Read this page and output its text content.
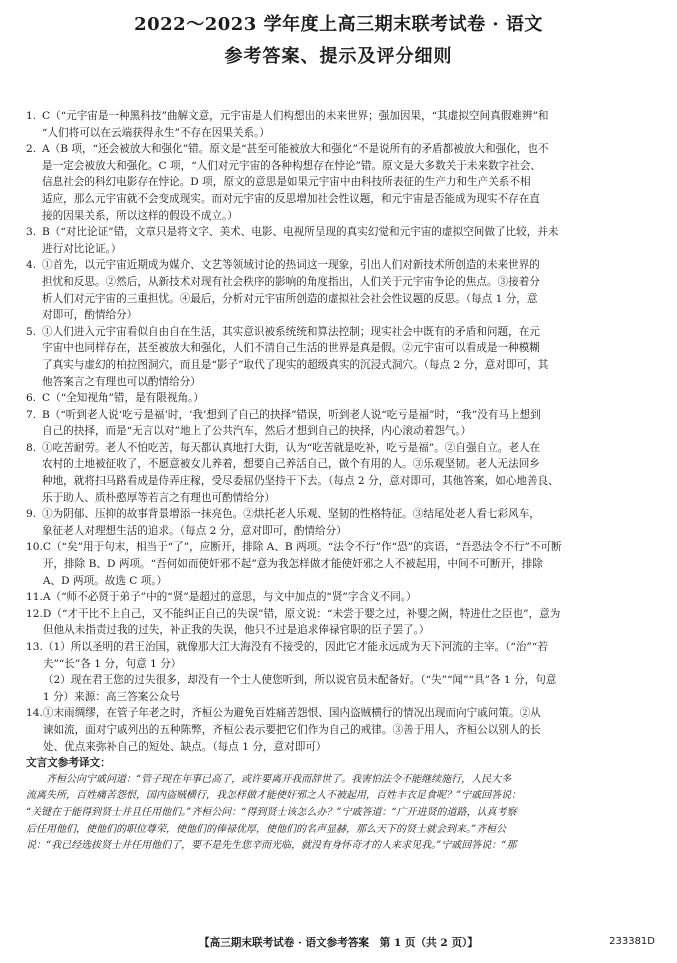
2022～2023 学年度上高三期末联考试卷 · 语文
参考答案、提示及评分细则
1. C（“元宇宙是一种黑科技”曲解文意，元宇宙是人们构想出的未来世界；强加因果，“其虚拟空间真假难辨”和
“人们将可以在云端获得永生”不存在因果关系。）
2. A（B 项，“还会被放大和强化”错。原文是“甚至可能被放大和强化”不是说所有的矛盾都被放大和强化，也不
是一定会被放大和强化。C 项，“人们对元宇宙的各种构想存在悖论”错。原文是大多数关于未来数字社会、
信息社会的科幻电影存在悖论。D 项，原文的意思是如果元宇宙中由科技所表征的生产力和生产关系不相
适应，那么元宇宙就不会变成现实。而对元宇宙的反思增加社会性议题，和元宇宙是否能成为现实不存在直
接的因果关系，所以这样的假设不成立。）
3. B（“对比论证”错，文章只是将文字、美术、电影、电视所呈现的真实幻觉和元宇宙的虚拟空间做了比较，并未
进行对比论证。）
4. ①首先，以元宇宙近期成为媒介、文艺等领域讨论的热词这一现象，引出人们对新技术所创造的未来世界的
担忧和反思。②然后，从新技术对现有社会秩序的影响的角度指出，人们关于元宇宙争论的焦点。③接着分
析人们对元宇宙的三重担忧。④最后，分析对元宇宙所创造的虚拟社会社会性议题的反思。（每点 1 分，意
对即可，酌情给分）
5. ①人们进入元宇宙看似自由自在生活，其实意识被系统统和算法控制；现实社会中既有的矛盾和问题，在元
宇宙中也同样存在，甚至被放大和强化，人们不清自己生活的世界是真是假。②元宇宙可以看成是一种模糊
了真实与虚幻的柏拉图洞穴，而且是“影子”取代了现实的超级真实的沉浸式洞穴。（每点 2 分，意对即可，其
他答案言之有理也可以酌情给分）
6. C（“全知视角”错，是有限视角。）
7. B（“听到老人说‘吃亏是福’时，‘我’想到了自己的抉择”错误，听到老人说“吃亏是福”时，“我”没有马上想到
自己的抉择，而是“无言以对”地上了公共汽车，然后才想到自己的抉择，内心滚动着怨气。）
8. ①吃苦耐劳。老人不怕吃苦，每天都认真地打大街，认为“吃苦就是吃补，吃亏是福”。②自强自立。老人在
农村的土地被征收了，不愿意被女儿养着，想要自己养活自己，做个有用的人。③乐观坚韧。老人无法回乡
种地，就将扫马路看成是侍弄庄稼，受尽委屈仍坚持干下去。（每点 2 分，意对即可，其他答案，如心地善良、
乐于助人、质朴憨厚等若言之有理也可酌情给分）
9. ①为阴郁、压抑的故事背景增添一抹亮色。②烘托老人乐观、坚韧的性格特征。③结尾处老人看七彩风车，
象征老人对理想生活的追求。（每点 2 分，意对即可，酌情给分）
10. C（“矣”用于句末，相当于“了”，应断开，排除 A、B 两项。“法令不行”作“恐”的宾语，“吾恐法令不行”不可断
开，排除 B、D 两项。“吾何如而使奸邪不起”意为我怎样做才能使奸邪之人不被起用，中间不可断开，排除
A、D 两项。故选 C 项。）
11. A（“师不必贤于弟子”中的“贤”是超过的意思，与文中加点的“贤”字含义不同。）
12. D（“才干比不上自己，又不能纠正自己的失误”错，原文说：“未尝于婴之过，补婴之阙，特进仕之臣也”，意为
但他从未指责过我的过失，补正我的失误，他只不过是追求俸禄官职的臣子罢了。）
13. （1）所以圣明的君王治国，就像那大江大海没有不接受的，因此它才能永远成为天下河流的主宰。（“治”“若
夫”“长”各 1 分，句意 1 分）
（2）现在君王您的过失很多，却没有一个士人使您听到，所以说官员未配备好。（“失”“闻”“具”各 1 分，句意
1 分）来源：高三答案公众号
14. ①末雨绸缪，在管子年老之时，齐桓公为避免百姓痛苦怨恨、国内盗贼横行的情况出现而向宁戚问策。②从
谏如流，面对宁戚列出的五种陈弊，齐桓公表示要把它们作为自己的戒律。③善于用人，齐桓公以别人的长
处、优点来弥补自己的短处、缺点。（每点 1 分，意对即可）
文言文参考译文：
齐桓公向宁戚问道：“管子现在年事已高了，或许要离开我而辞世了。我害怕法令不能继续施行，人民大多
流离失所，百姓痛苦怨恨，国内盗贼横行，我怎样做才能使奸邪之人不被起用，百姓丰衣足食呢？”宁戚回答说：
“关键在于能得到贤士并且任用他们。”齐桓公问：“得到贤士该怎么办？”宁戚答道：“广开进贤的道路，认真考察
后任用他们，使他们的职位尊荣，使他们的俸禄优厚，使他们的名声显赫，那么天下的贤士就会到来。”齐桓公
说：“我已经选拔贤士并任用他们了，要不是先生您辛而光临，就没有身怀奇才的人来求见我。”宁戚回答说：“那
【高三期末联考试卷 · 语文参考答案　第 1 页（共 2 页）】	233381D
